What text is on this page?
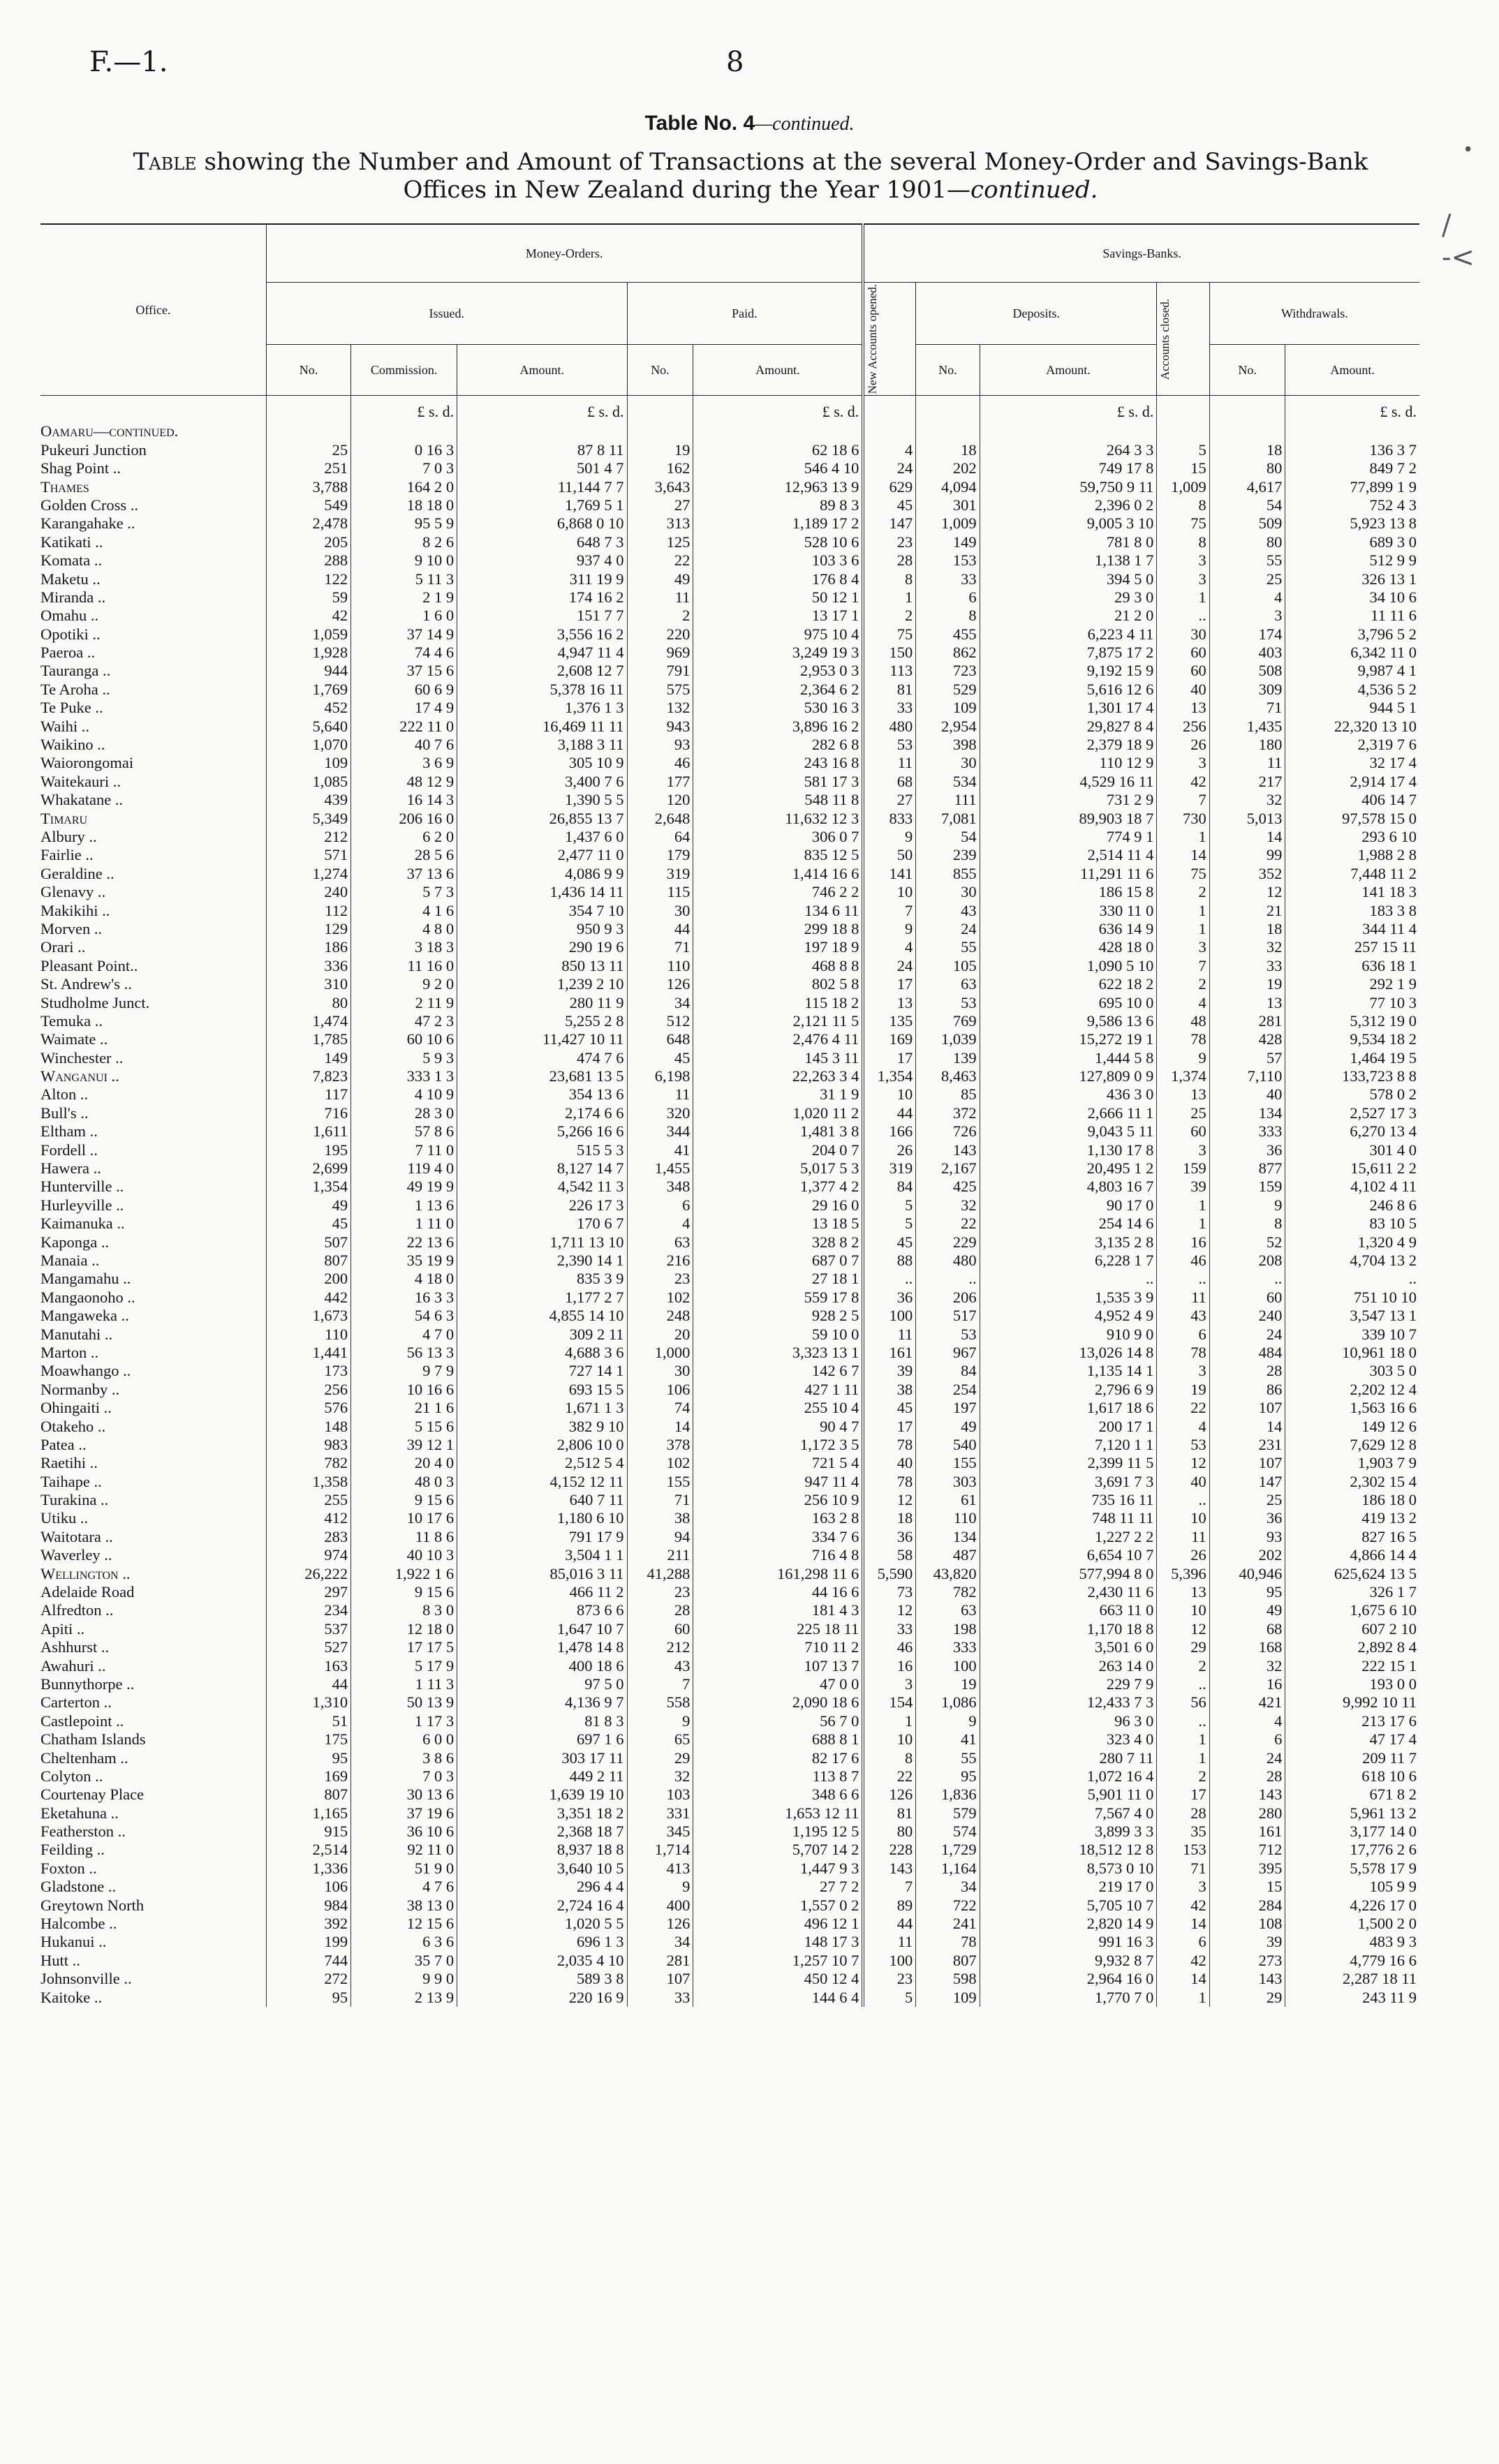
F.—1.	8
Table No. 4—continued.
Table showing the Number and Amount of Transactions at the several Money-Order and Savings-Bank
Offices in New Zealand during the Year 1901—continued.
•
/
-<
Office.	Money-Orders.					Savings-Banks.					
	Issued.			Paid.		New Accounts opened.	Deposits.		Accounts closed.	Withdrawals.	
	No.	Commission.	Amount.	No.	Amount.		No.	Amount.		No.	Amount.
		£ s. d.	£ s. d.		£ s. d.			£ s. d.			£ s. d.
Oamaru—continued.											
Pukeuri Junction	25	0 16 3	87 8 11	19	62 18 6	4	18	264 3 3	5	18	136 3 7
Shag Point ..	251	7 0 3	501 4 7	162	546 4 10	24	202	749 17 8	15	80	849 7 2
Thames	3,788	164 2 0	11,144 7 7	3,643	12,963 13 9	629	4,094	59,750 9 11	1,009	4,617	77,899 1 9
Golden Cross ..	549	18 18 0	1,769 5 1	27	89 8 3	45	301	2,396 0 2	8	54	752 4 3
Karangahake ..	2,478	95 5 9	6,868 0 10	313	1,189 17 2	147	1,009	9,005 3 10	75	509	5,923 13 8
Katikati ..	205	8 2 6	648 7 3	125	528 10 6	23	149	781 8 0	8	80	689 3 0
Komata ..	288	9 10 0	937 4 0	22	103 3 6	28	153	1,138 1 7	3	55	512 9 9
Maketu ..	122	5 11 3	311 19 9	49	176 8 4	8	33	394 5 0	3	25	326 13 1
Miranda ..	59	2 1 9	174 16 2	11	50 12 1	1	6	29 3 0	1	4	34 10 6
Omahu ..	42	1 6 0	151 7 7	2	13 17 1	2	8	21 2 0	..	3	11 11 6
Opotiki ..	1,059	37 14 9	3,556 16 2	220	975 10 4	75	455	6,223 4 11	30	174	3,796 5 2
Paeroa ..	1,928	74 4 6	4,947 11 4	969	3,249 19 3	150	862	7,875 17 2	60	403	6,342 11 0
Tauranga ..	944	37 15 6	2,608 12 7	791	2,953 0 3	113	723	9,192 15 9	60	508	9,987 4 1
Te Aroha ..	1,769	60 6 9	5,378 16 11	575	2,364 6 2	81	529	5,616 12 6	40	309	4,536 5 2
Te Puke ..	452	17 4 9	1,376 1 3	132	530 16 3	33	109	1,301 17 4	13	71	944 5 1
Waihi ..	5,640	222 11 0	16,469 11 11	943	3,896 16 2	480	2,954	29,827 8 4	256	1,435	22,320 13 10
Waikino ..	1,070	40 7 6	3,188 3 11	93	282 6 8	53	398	2,379 18 9	26	180	2,319 7 6
Waiorongomai	109	3 6 9	305 10 9	46	243 16 8	11	30	110 12 9	3	11	32 17 4
Waitekauri ..	1,085	48 12 9	3,400 7 6	177	581 17 3	68	534	4,529 16 11	42	217	2,914 17 4
Whakatane ..	439	16 14 3	1,390 5 5	120	548 11 8	27	111	731 2 9	7	32	406 14 7
Timaru	5,349	206 16 0	26,855 13 7	2,648	11,632 12 3	833	7,081	89,903 18 7	730	5,013	97,578 15 0
Albury ..	212	6 2 0	1,437 6 0	64	306 0 7	9	54	774 9 1	1	14	293 6 10
Fairlie ..	571	28 5 6	2,477 11 0	179	835 12 5	50	239	2,514 11 4	14	99	1,988 2 8
Geraldine ..	1,274	37 13 6	4,086 9 9	319	1,414 16 6	141	855	11,291 11 6	75	352	7,448 11 2
Glenavy ..	240	5 7 3	1,436 14 11	115	746 2 2	10	30	186 15 8	2	12	141 18 3
Makikihi ..	112	4 1 6	354 7 10	30	134 6 11	7	43	330 11 0	1	21	183 3 8
Morven ..	129	4 8 0	950 9 3	44	299 18 8	9	24	636 14 9	1	18	344 11 4
Orari ..	186	3 18 3	290 19 6	71	197 18 9	4	55	428 18 0	3	32	257 15 11
Pleasant Point..	336	11 16 0	850 13 11	110	468 8 8	24	105	1,090 5 10	7	33	636 18 1
St. Andrew's ..	310	9 2 0	1,239 2 10	126	802 5 8	17	63	622 18 2	2	19	292 1 9
Studholme Junct.	80	2 11 9	280 11 9	34	115 18 2	13	53	695 10 0	4	13	77 10 3
Temuka ..	1,474	47 2 3	5,255 2 8	512	2,121 11 5	135	769	9,586 13 6	48	281	5,312 19 0
Waimate ..	1,785	60 10 6	11,427 10 11	648	2,476 4 11	169	1,039	15,272 19 1	78	428	9,534 18 2
Winchester ..	149	5 9 3	474 7 6	45	145 3 11	17	139	1,444 5 8	9	57	1,464 19 5
Wanganui ..	7,823	333 1 3	23,681 13 5	6,198	22,263 3 4	1,354	8,463	127,809 0 9	1,374	7,110	133,723 8 8
Alton ..	117	4 10 9	354 13 6	11	31 1 9	10	85	436 3 0	13	40	578 0 2
Bull's ..	716	28 3 0	2,174 6 6	320	1,020 11 2	44	372	2,666 11 1	25	134	2,527 17 3
Eltham ..	1,611	57 8 6	5,266 16 6	344	1,481 3 8	166	726	9,043 5 11	60	333	6,270 13 4
Fordell ..	195	7 11 0	515 5 3	41	204 0 7	26	143	1,130 17 8	3	36	301 4 0
Hawera ..	2,699	119 4 0	8,127 14 7	1,455	5,017 5 3	319	2,167	20,495 1 2	159	877	15,611 2 2
Hunterville ..	1,354	49 19 9	4,542 11 3	348	1,377 4 2	84	425	4,803 16 7	39	159	4,102 4 11
Hurleyville ..	49	1 13 6	226 17 3	6	29 16 0	5	32	90 17 0	1	9	246 8 6
Kaimanuka ..	45	1 11 0	170 6 7	4	13 18 5	5	22	254 14 6	1	8	83 10 5
Kaponga ..	507	22 13 6	1,711 13 10	63	328 8 2	45	229	3,135 2 8	16	52	1,320 4 9
Manaia ..	807	35 19 9	2,390 14 1	216	687 0 7	88	480	6,228 1 7	46	208	4,704 13 2
Mangamahu ..	200	4 18 0	835 3 9	23	27 18 1	..	..	..	..	..	..
Mangaonoho ..	442	16 3 3	1,177 2 7	102	559 17 8	36	206	1,535 3 9	11	60	751 10 10
Mangaweka ..	1,673	54 6 3	4,855 14 10	248	928 2 5	100	517	4,952 4 9	43	240	3,547 13 1
Manutahi ..	110	4 7 0	309 2 11	20	59 10 0	11	53	910 9 0	6	24	339 10 7
Marton ..	1,441	56 13 3	4,688 3 6	1,000	3,323 13 1	161	967	13,026 14 8	78	484	10,961 18 0
Moawhango ..	173	9 7 9	727 14 1	30	142 6 7	39	84	1,135 14 1	3	28	303 5 0
Normanby ..	256	10 16 6	693 15 5	106	427 1 11	38	254	2,796 6 9	19	86	2,202 12 4
Ohingaiti ..	576	21 1 6	1,671 1 3	74	255 10 4	45	197	1,617 18 6	22	107	1,563 16 6
Otakeho ..	148	5 15 6	382 9 10	14	90 4 7	17	49	200 17 1	4	14	149 12 6
Patea ..	983	39 12 1	2,806 10 0	378	1,172 3 5	78	540	7,120 1 1	53	231	7,629 12 8
Raetihi ..	782	20 4 0	2,512 5 4	102	721 5 4	40	155	2,399 11 5	12	107	1,903 7 9
Taihape ..	1,358	48 0 3	4,152 12 11	155	947 11 4	78	303	3,691 7 3	40	147	2,302 15 4
Turakina ..	255	9 15 6	640 7 11	71	256 10 9	12	61	735 16 11	..	25	186 18 0
Utiku ..	412	10 17 6	1,180 6 10	38	163 2 8	18	110	748 11 11	10	36	419 13 2
Waitotara ..	283	11 8 6	791 17 9	94	334 7 6	36	134	1,227 2 2	11	93	827 16 5
Waverley ..	974	40 10 3	3,504 1 1	211	716 4 8	58	487	6,654 10 7	26	202	4,866 14 4
Wellington ..	26,222	1,922 1 6	85,016 3 11	41,288	161,298 11 6	5,590	43,820	577,994 8 0	5,396	40,946	625,624 13 5
Adelaide Road	297	9 15 6	466 11 2	23	44 16 6	73	782	2,430 11 6	13	95	326 1 7
Alfredton ..	234	8 3 0	873 6 6	28	181 4 3	12	63	663 11 0	10	49	1,675 6 10
Apiti ..	537	12 18 0	1,647 10 7	60	225 18 11	33	198	1,170 18 8	12	68	607 2 10
Ashhurst ..	527	17 17 5	1,478 14 8	212	710 11 2	46	333	3,501 6 0	29	168	2,892 8 4
Awahuri ..	163	5 17 9	400 18 6	43	107 13 7	16	100	263 14 0	2	32	222 15 1
Bunnythorpe ..	44	1 11 3	97 5 0	7	47 0 0	3	19	229 7 9	..	16	193 0 0
Carterton ..	1,310	50 13 9	4,136 9 7	558	2,090 18 6	154	1,086	12,433 7 3	56	421	9,992 10 11
Castlepoint ..	51	1 17 3	81 8 3	9	56 7 0	1	9	96 3 0	..	4	213 17 6
Chatham Islands	175	6 0 0	697 1 6	65	688 8 1	10	41	323 4 0	1	6	47 17 4
Cheltenham ..	95	3 8 6	303 17 11	29	82 17 6	8	55	280 7 11	1	24	209 11 7
Colyton ..	169	7 0 3	449 2 11	32	113 8 7	22	95	1,072 16 4	2	28	618 10 6
Courtenay Place	807	30 13 6	1,639 19 10	103	348 6 6	126	1,836	5,901 11 0	17	143	671 8 2
Eketahuna ..	1,165	37 19 6	3,351 18 2	331	1,653 12 11	81	579	7,567 4 0	28	280	5,961 13 2
Featherston ..	915	36 10 6	2,368 18 7	345	1,195 12 5	80	574	3,899 3 3	35	161	3,177 14 0
Feilding ..	2,514	92 11 0	8,937 18 8	1,714	5,707 14 2	228	1,729	18,512 12 8	153	712	17,776 2 6
Foxton ..	1,336	51 9 0	3,640 10 5	413	1,447 9 3	143	1,164	8,573 0 10	71	395	5,578 17 9
Gladstone ..	106	4 7 6	296 4 4	9	27 7 2	7	34	219 17 0	3	15	105 9 9
Greytown North	984	38 13 0	2,724 16 4	400	1,557 0 2	89	722	5,705 10 7	42	284	4,226 17 0
Halcombe ..	392	12 15 6	1,020 5 5	126	496 12 1	44	241	2,820 14 9	14	108	1,500 2 0
Hukanui ..	199	6 3 6	696 1 3	34	148 17 3	11	78	991 16 3	6	39	483 9 3
Hutt ..	744	35 7 0	2,035 4 10	281	1,257 10 7	100	807	9,932 8 7	42	273	4,779 16 6
Johnsonville ..	272	9 9 0	589 3 8	107	450 12 4	23	598	2,964 16 0	14	143	2,287 18 11
Kaitoke ..	95	2 13 9	220 16 9	33	144 6 4	5	109	1,770 7 0	1	29	243 11 9
